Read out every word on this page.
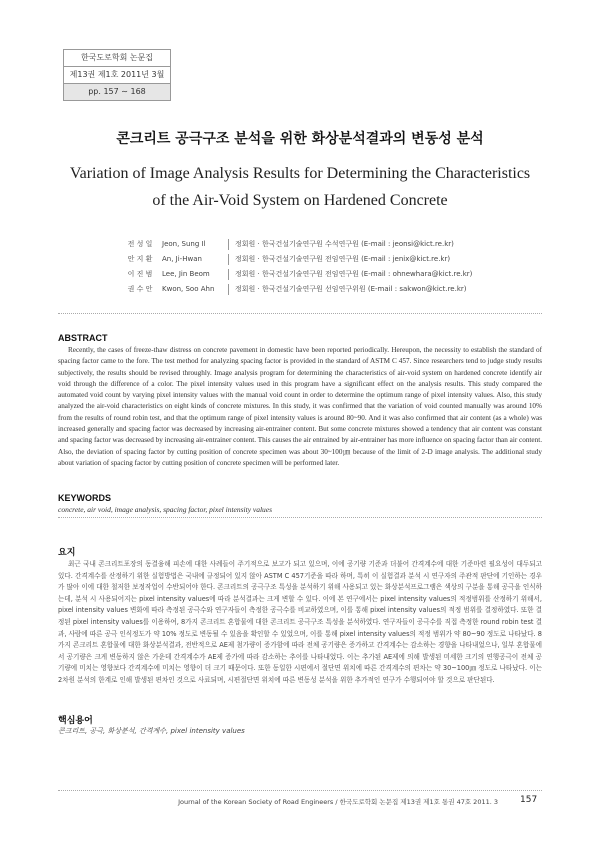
한국도로학회 논문집
제13권 제1호 2011년 3월
pp. 157 ∼ 168
콘크리트 공극구조 분석을 위한 화상분석결과의 변동성 분석
Variation of Image Analysis Results for Determining the Characteristics
of the Air-Void System on Hardened Concrete
전 성 일	Jeon, Sung Il	정회원 · 한국건설기술연구원 수석연구원 (E-mail : jeonsi@kict.re.kr)
안 지 환	An, Ji-Hwan	정회원 · 한국건설기술연구원 전임연구원 (E-mail : jenix@kict.re.kr)
이 진 범	Lee, Jin Beom	정회원 · 한국건설기술연구원 전임연구원 (E-mail : ohnewhara@kict.re.kr)
권 수 안	Kwon, Soo Ahn	정회원 · 한국건설기술연구원 선임연구위원 (E-mail : sakwon@kict.re.kr)
ABSTRACT
Recently, the cases of freeze-thaw distress on concrete pavement in domestic have been reported periodically. Hereupon, the necessity to establish the standard of spacing factor came to the fore. The test method for analyzing spacing factor is provided in the standard of ASTM C 457. Since researchers tend to judge study results subjectively, the results should be revised throughly. Image analysis program for determining the characteristics of air-void system on hardened concrete identify air void through the difference of a color. The pixel intensity values used in this program have a significant effect on the analysis results. This study compared the automated void count by varying pixel intensity values with the manual void count in order to determine the optimum range of pixel intensity values. Also, this study analyzed the air-void characteristics on eight kinds of concrete mixtures. In this study, it was confirmed that the variation of void counted manually was around 10% from the results of round robin test, and that the optimum range of pixel intensity values is around 80~90. And it was also confirmed that air content (as a whole) was increased generally and spacing factor was decreased by increasing air-entrainer content. But some concrete mixtures showed a tendency that air content was constant and spacing factor was decreased by increasing air-entrainer content. This causes the air entrained by air-entrainer has more influence on spacing factor than air content. Also, the deviation of spacing factor by cutting position of concrete specimen was about 30~100㎛ because of the limit of 2-D image analysis. The additional study about variation of spacing factor by cutting position of concrete specimen will be performed later.
KEYWORDS
concrete, air void, image analysis, spacing factor, pixel intensity values
요지
최근 국내 콘크리트포장의 동결융해 피손에 대한 사례들이 주기적으로 보고가 되고 있으며, 이에 공기량 기준과 더불어 간격계수에 대한 기준마련 필요성이 대두되고 있다. 간격계수를 산정하기 위한 실험방법은 국내에 규정되어 있지 않아 ASTM C 457기준을 따라 하며, 특히 이 실험결과 분석 시 연구자의 주관적 판단에 기인하는 경우가 많아 이에 대한 철저한 보정작업이 수반되어야 한다. 콘크리트의 공극구조 특성을 분석하기 위해 사용되고 있는 화상분석프로그램은 색상의 구분을 통해 공극을 인식하는데, 분석 시 사용되어지는 pixel intensity values에 따라 분석결과는 크게 변할 수 있다. 이에 본 연구에서는 pixel intensity values의 적정범위를 산정하기 위해서, pixel intensity values 변화에 따라 측정된 공극수와 연구자들이 측정한 공극수를 비교하였으며, 이를 통해 pixel intensity values의 적정 범위를 결정하였다. 또한 결정된 pixel intensity values를 이용하여, 8가지 콘크리트 혼합물에 대한 콘크리트 공극구조 특성을 분석하였다. 연구자들이 공극수를 직접 측정한 round robin test 결과, 사람에 따른 공극 인식정도가 약 10% 정도로 변동될 수 있음을 확인할 수 있었으며, 이를 통해 pixel intensity values의 적정 범위가 약 80~90 정도로 나타났다. 8가지 콘크리트 혼합물에 대한 화상분석결과, 전반적으로 AE제 첨가량이 증가함에 따라 전체 공기량은 증가하고 간격계수는 감소하는 경향을 나타내었으나, 일부 혼합물에서 공기량은 크게 변동하지 않은 가운데 간격계수가 AE제 증가에 따라 감소하는 추이를 나타내었다. 이는 추가된 AE제에 의해 발생된 미세한 크기의 연행공극이 전체 공기량에 미치는 영향보다 간격계수에 미치는 영향이 더 크기 때문이다. 또한 동일한 시편에서 절단면 위치에 따른 간격계수의 편차는 약 30~100㎛ 정도로 나타났다. 이는 2차원 분석의 한계로 인해 발생된 편차인 것으로 사료되며, 시편절단면 위치에 따른 변동성 분석을 위한 추가적인 연구가 수행되어야 할 것으로 판단된다.
핵심용어
콘크리트, 공극, 화상분석, 간격계수, pixel intensity values
Journal of the Korean Society of Road Engineers / 한국도로학회 논문집 제13권 제1호 통권 47호 2011. 3 157
